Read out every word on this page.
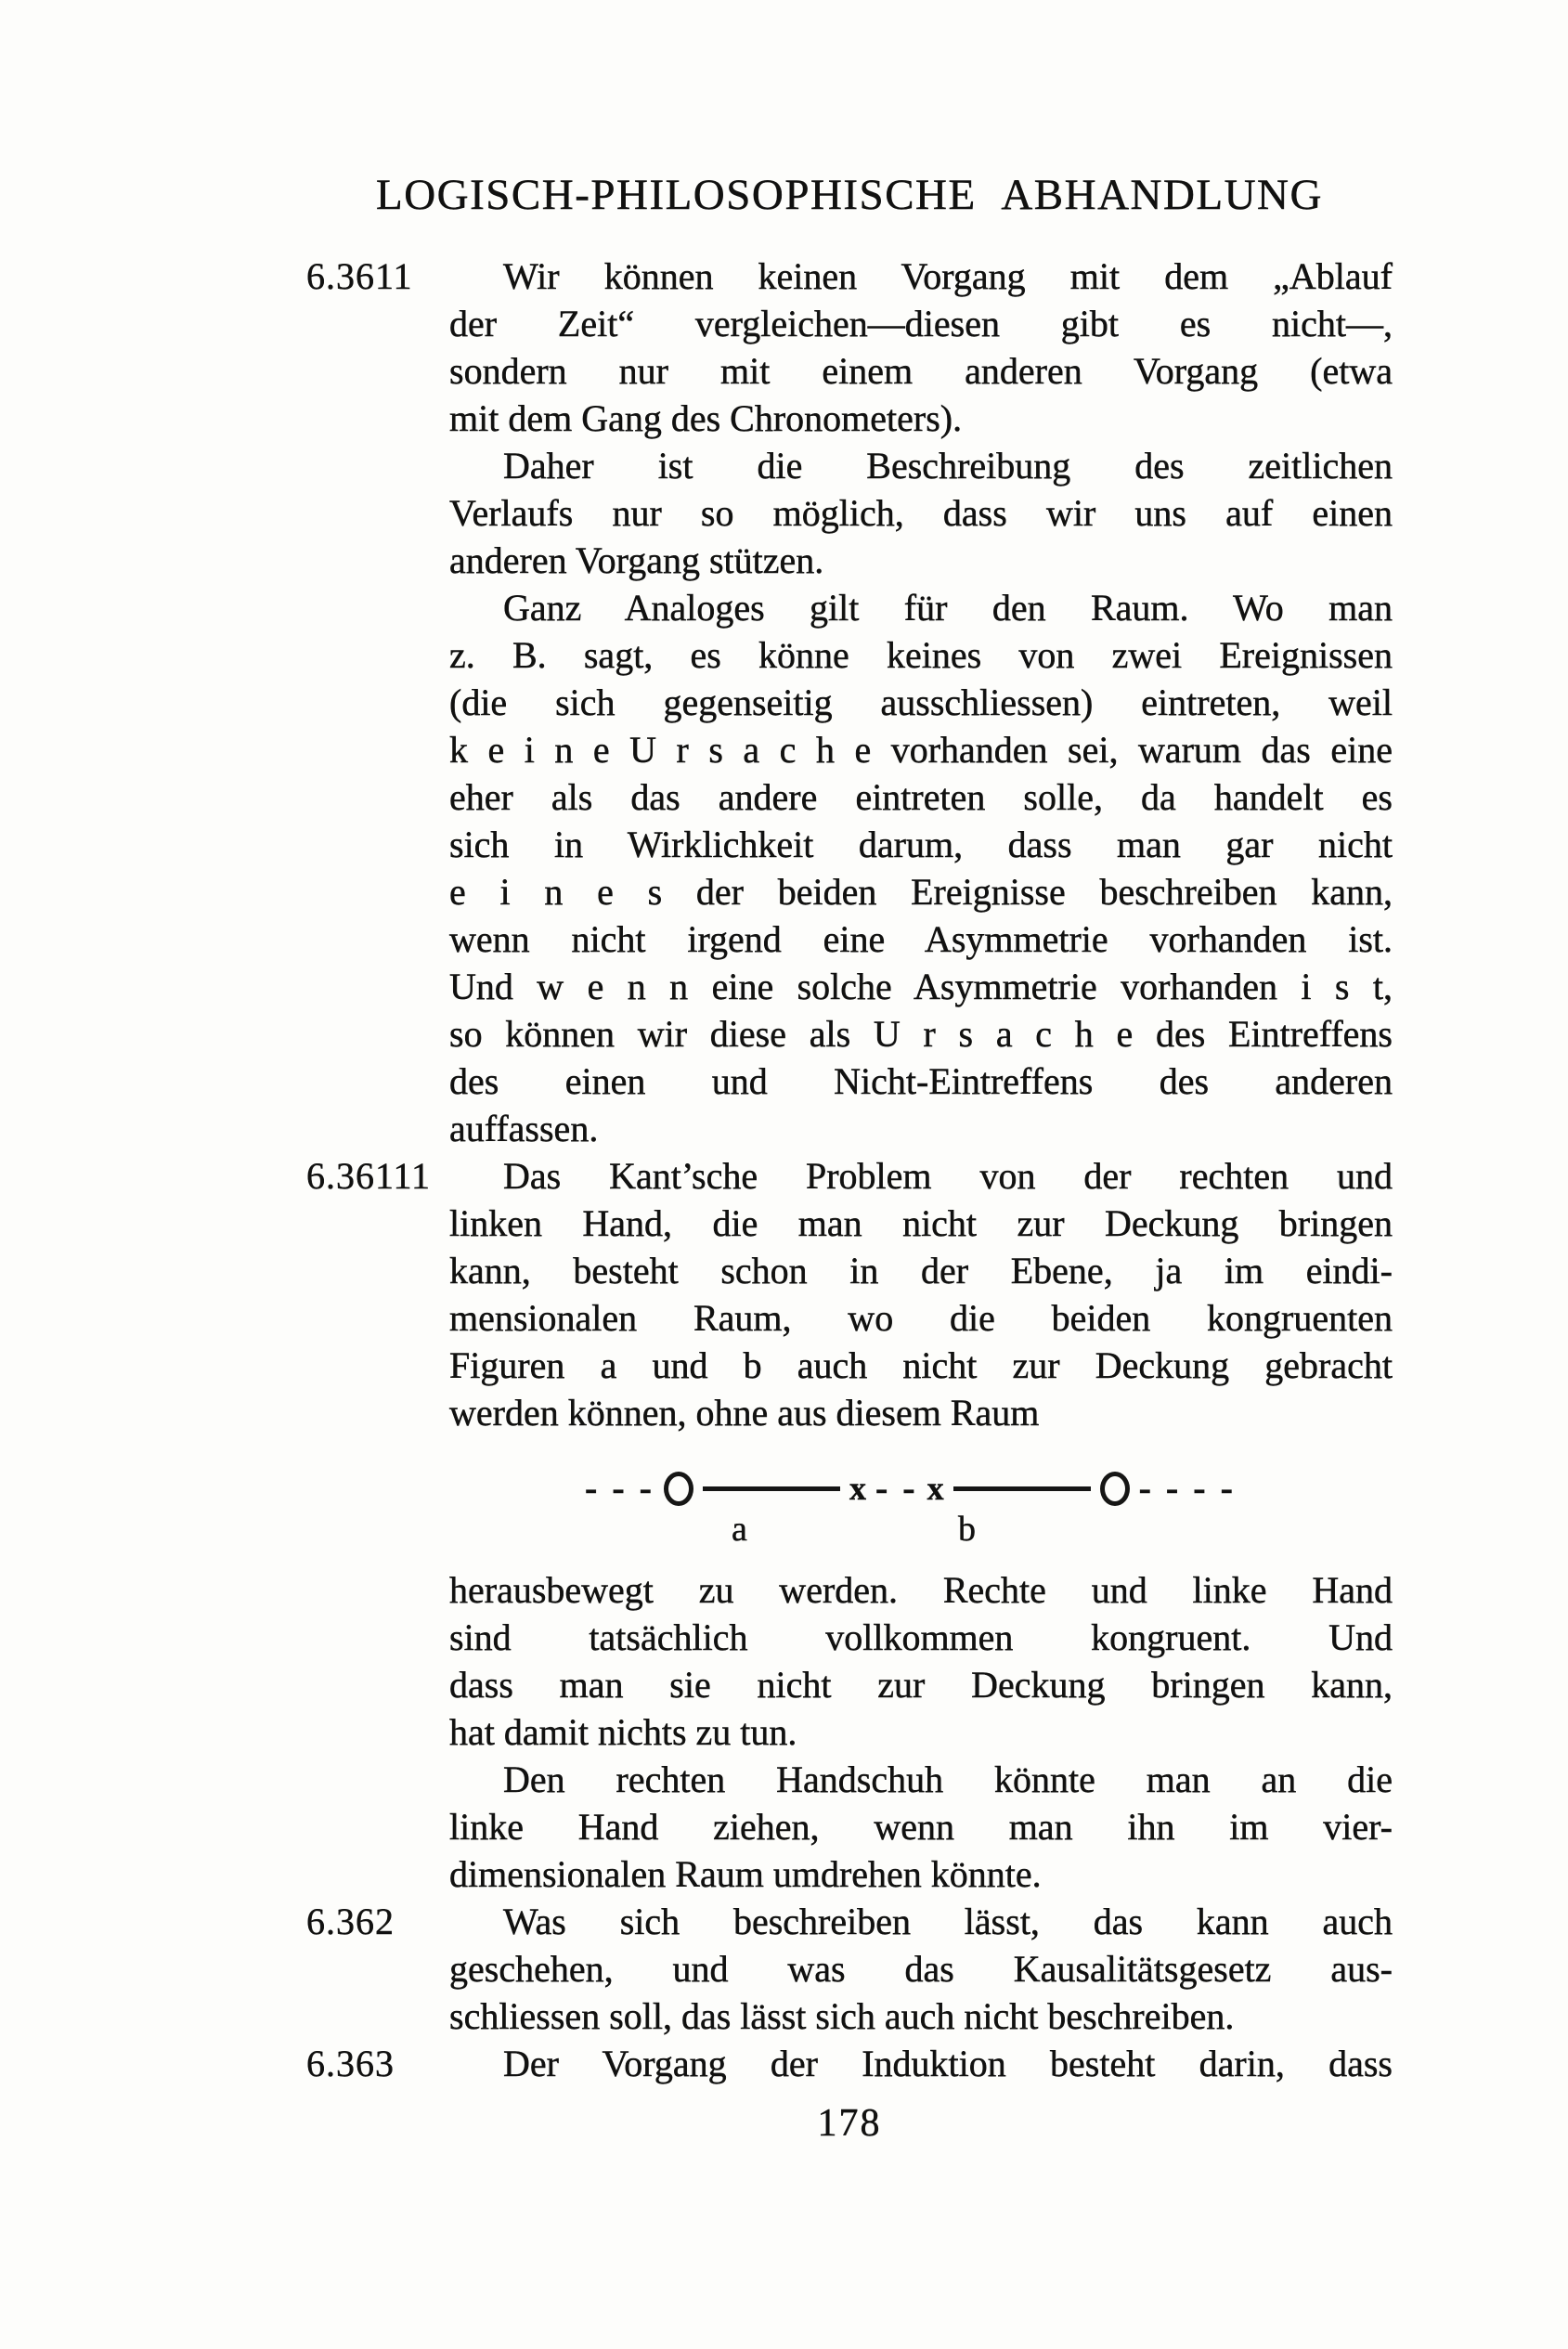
LOGISCH-PHILOSOPHISCHE ABHANDLUNG
6.3611 Wir können keinen Vorgang mit dem „Ablauf
der Zeit“ vergleichen—diesen gibt es nicht—,
sondern nur mit einem anderen Vorgang (etwa
mit dem Gang des Chronometers).
Daher ist die Beschreibung des zeitlichen
Verlaufs nur so möglich, dass wir uns auf einen
anderen Vorgang stützen.
Ganz Analoges gilt für den Raum. Wo man
z. B. sagt, es könne keines von zwei Ereignissen
(die sich gegenseitig ausschliessen) eintreten, weil
k e i n e U r s a c h e vorhanden sei, warum das eine
eher als das andere eintreten solle, da handelt es
sich in Wirklichkeit darum, dass man gar nicht
e i n e s der beiden Ereignisse beschreiben kann,
wenn nicht irgend eine Asymmetrie vorhanden ist.
Und w e n n eine solche Asymmetrie vorhanden i s t,
so können wir diese als U r s a c h e des Eintreffens
des einen und Nicht-Eintreffens des anderen
auffassen.
6.36111 Das Kant’sche Problem von der rechten und
linken Hand, die man nicht zur Deckung bringen
kann, besteht schon in der Ebene, ja im eindi-
mensionalen Raum, wo die beiden kongruenten
Figuren a und b auch nicht zur Deckung gebracht
werden können, ohne aus diesem Raum
- - -	x - - x	- - - -
a	b
herausbewegt zu werden. Rechte und linke Hand
sind tatsächlich vollkommen kongruent. Und
dass man sie nicht zur Deckung bringen kann,
hat damit nichts zu tun.
Den rechten Handschuh könnte man an die
linke Hand ziehen, wenn man ihn im vier-
dimensionalen Raum umdrehen könnte.
6.362	Was sich beschreiben lässt, das kann auch
geschehen, und was das Kausalitätsgesetz aus-
schliessen soll, das lässt sich auch nicht beschreiben.
6.363	Der Vorgang der Induktion besteht darin, dass
178
